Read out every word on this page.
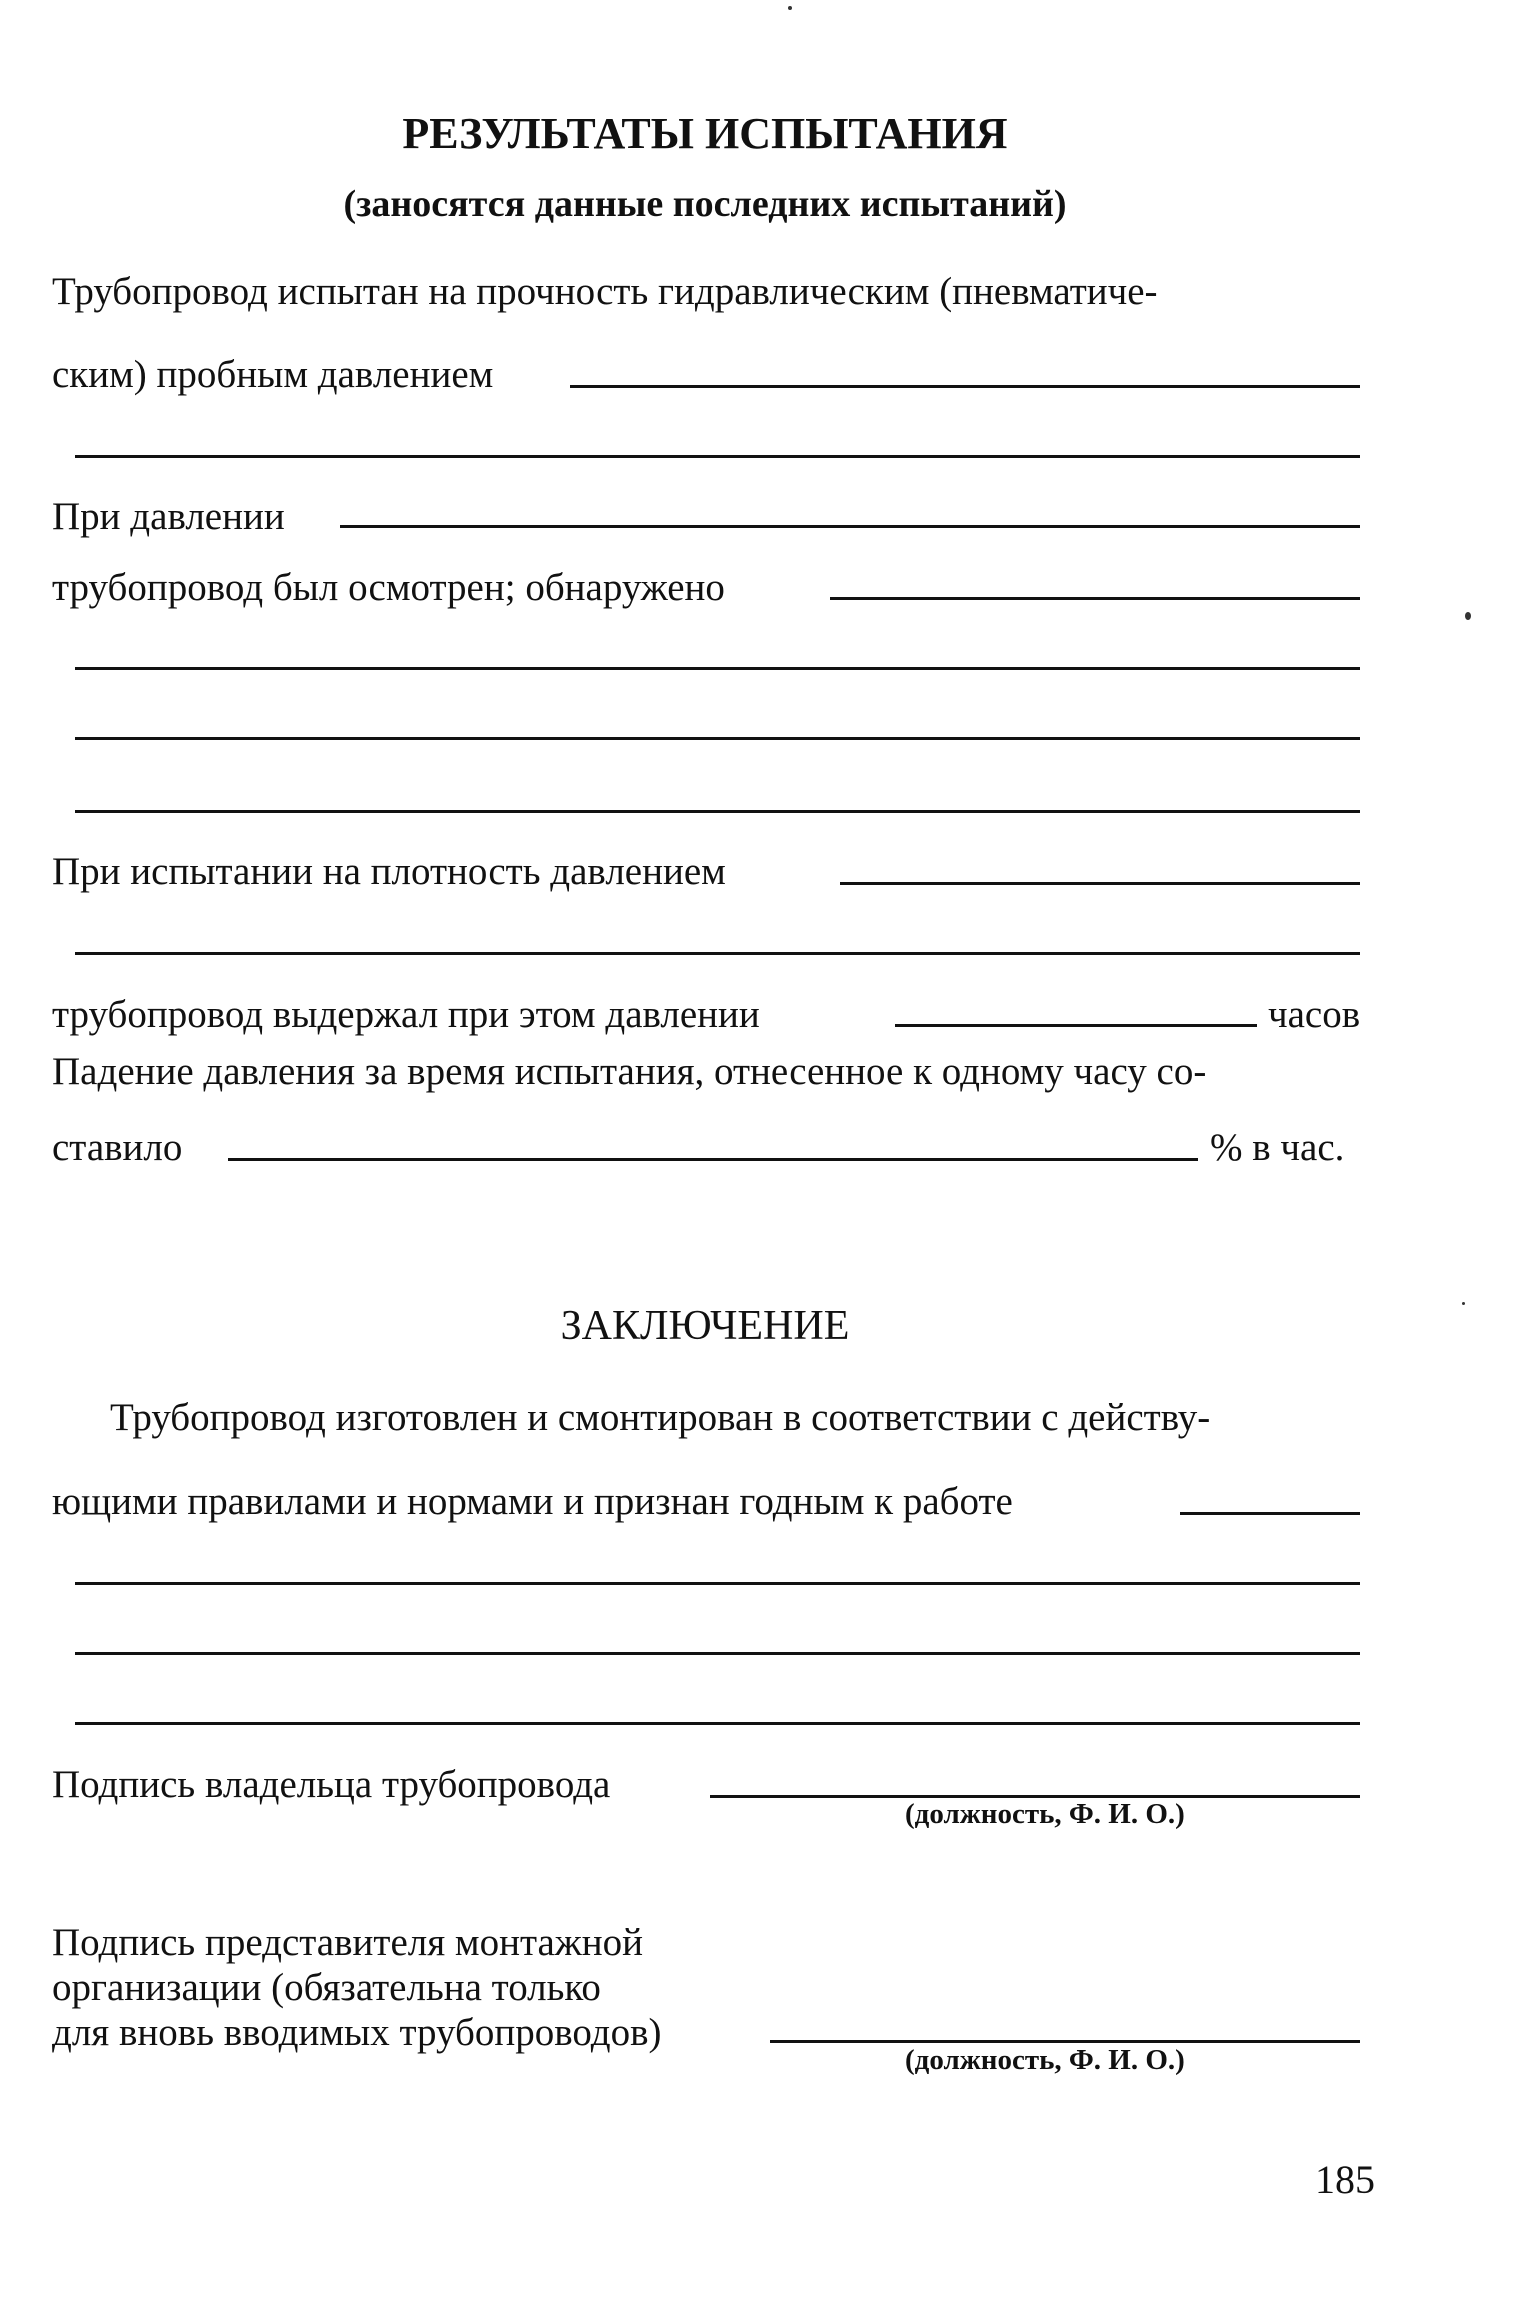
РЕЗУЛЬТАТЫ ИСПЫТАНИЯ
(заносятся данные последних испытаний)
Трубопровод испытан на прочность гидравлическим (пневматиче-
ским) пробным давлением
При давлении
трубопровод был осмотрен; обнаружено
При испытании на плотность давлением
трубопровод выдержал при этом давлении	часов
Падение давления за время испытания, отнесенное к одному часу со-
ставило	% в час.
ЗАКЛЮЧЕНИЕ
Трубопровод изготовлен и смонтирован в соответствии с действу-
ющими правилами и нормами и признан годным к работе
Подпись владельца трубопровода
(должность, Ф. И. О.)
Подпись представителя монтажной
организации (обязательна только
для вновь вводимых трубопроводов)
(должность, Ф. И. О.)
185
